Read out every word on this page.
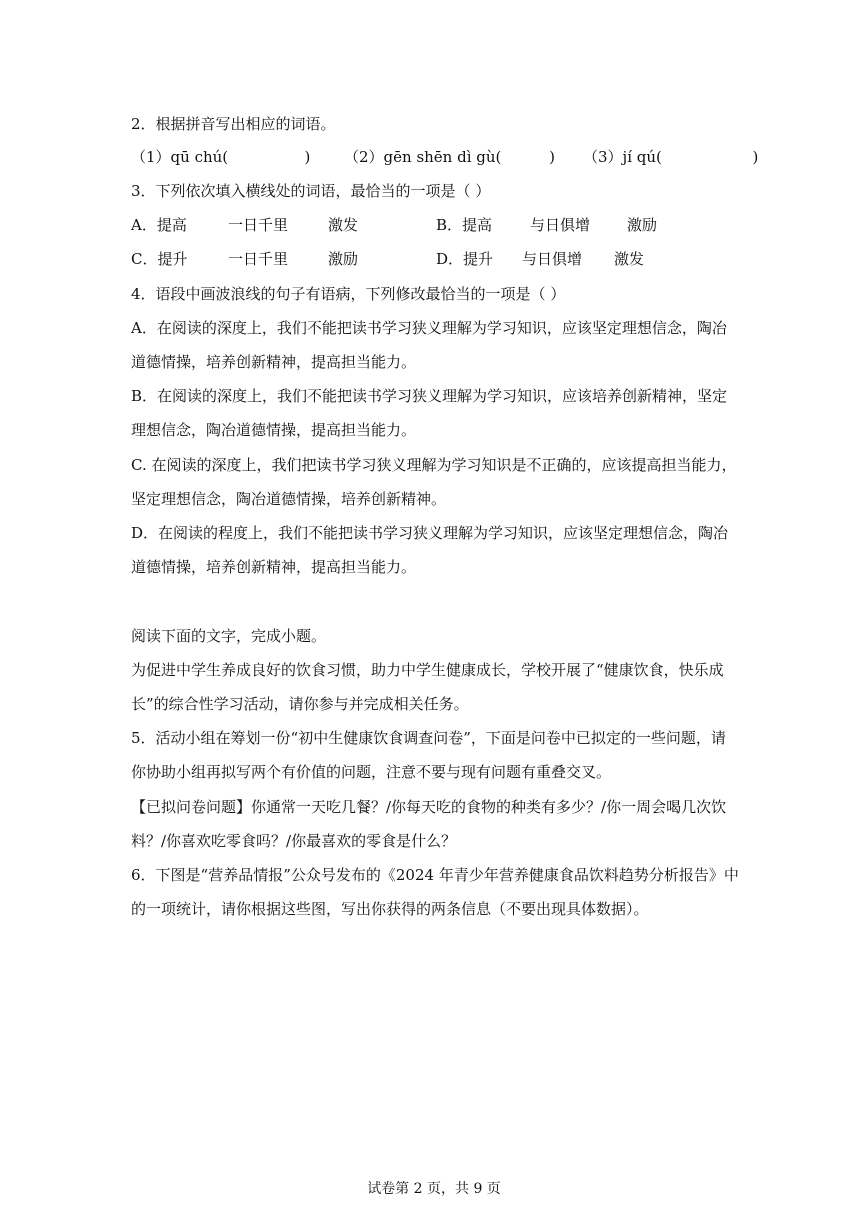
2．根据拼音写出相应的词语。
（1）qū chú(                ) （2）gēn shēn dì gù(          ) （3）jí qú(                   )
3．下列依次填入横线处的词语，最恰当的一项是（ ）
A．提高	一日千里	激发	B．提高	与日俱增 激励
C．提升	一日千里	激励	D．提升 与日俱增 激发
4．语段中画波浪线的句子有语病，下列修改最恰当的一项是（ ）
A．在阅读的深度上，我们不能把读书学习狭义理解为学习知识，应该坚定理想信念，陶冶
道德情操，培养创新精神，提高担当能力。
B．在阅读的深度上，我们不能把读书学习狭义理解为学习知识，应该培养创新精神，坚定
理想信念，陶冶道德情操，提高担当能力。
C. 在阅读的深度上，我们把读书学习狭义理解为学习知识是不正确的，应该提高担当能力，
坚定理想信念，陶冶道德情操，培养创新精神。
D．在阅读的程度上，我们不能把读书学习狭义理解为学习知识，应该坚定理想信念，陶冶
道德情操，培养创新精神，提高担当能力。
阅读下面的文字，完成小题。
为促进中学生养成良好的饮食习惯，助力中学生健康成长，学校开展了“健康饮食，快乐成
长”的综合性学习活动，请你参与并完成相关任务。
5．活动小组在筹划一份“初中生健康饮食调查问卷”，下面是问卷中已拟定的一些问题，请
你协助小组再拟写两个有价值的问题，注意不要与现有问题有重叠交叉。
【已拟问卷问题】你通常一天吃几餐？/你每天吃的食物的种类有多少？/你一周会喝几次饮
料？/你喜欢吃零食吗？/你最喜欢的零食是什么？
6．下图是“营养品情报”公众号发布的《2024 年青少年营养健康食品饮料趋势分析报告》中
的一项统计，请你根据这些图，写出你获得的两条信息（不要出现具体数据）。
试卷第 2 页，共 9 页
